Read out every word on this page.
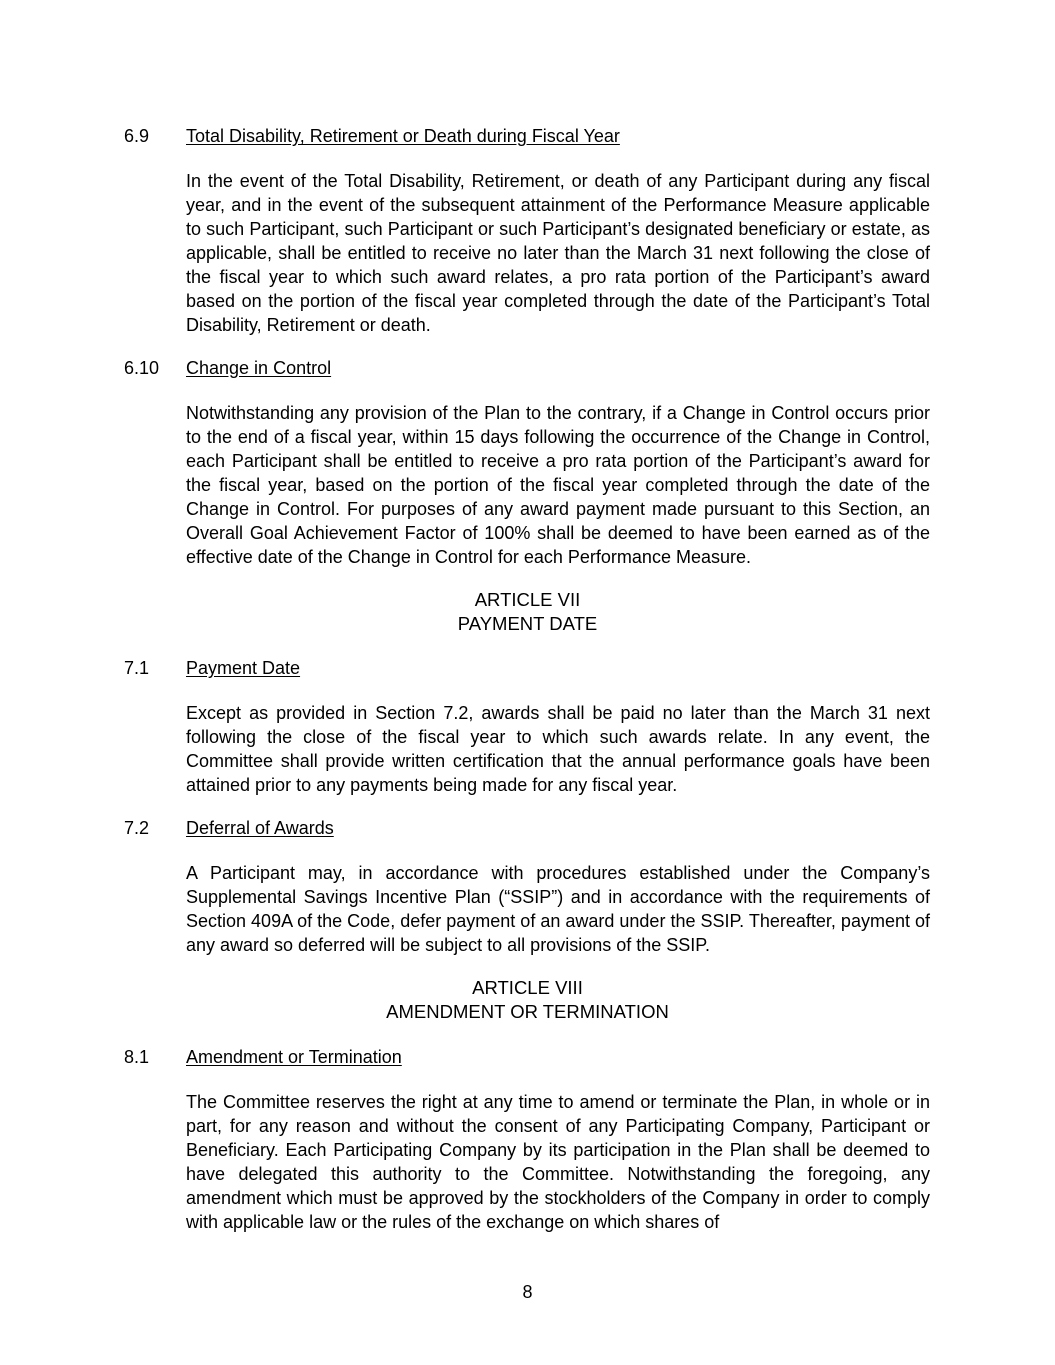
6.9 Total Disability, Retirement or Death during Fiscal Year

In the event of the Total Disability, Retirement, or death of any Participant during any fiscal year, and in the event of the subsequent attainment of the Performance Measure applicable to such Participant, such Participant or such Participant’s designated beneficiary or estate, as applicable, shall be entitled to receive no later than the March 31 next following the close of the fiscal year to which such award relates, a pro rata portion of the Participant’s award based on the portion of the fiscal year completed through the date of the Participant’s Total Disability, Retirement or death.

6.10 Change in Control

Notwithstanding any provision of the Plan to the contrary, if a Change in Control occurs prior to the end of a fiscal year, within 15 days following the occurrence of the Change in Control, each Participant shall be entitled to receive a pro rata portion of the Participant’s award for the fiscal year, based on the portion of the fiscal year completed through the date of the Change in Control. For purposes of any award payment made pursuant to this Section, an Overall Goal Achievement Factor of 100% shall be deemed to have been earned as of the effective date of the Change in Control for each Performance Measure.

ARTICLE VII
PAYMENT DATE
7.1 Payment Date

Except as provided in Section 7.2, awards shall be paid no later than the March 31 next following the close of the fiscal year to which such awards relate. In any event, the Committee shall provide written certification that the annual performance goals have been attained prior to any payments being made for any fiscal year.

7.2 Deferral of Awards

A Participant may, in accordance with procedures established under the Company’s Supplemental Savings Incentive Plan (“SSIP”) and in accordance with the requirements of Section 409A of the Code, defer payment of an award under the SSIP. Thereafter, payment of any award so deferred will be subject to all provisions of the SSIP.

ARTICLE VIII
AMENDMENT OR TERMINATION
8.1 Amendment or Termination

The Committee reserves the right at any time to amend or terminate the Plan, in whole or in part, for any reason and without the consent of any Participating Company, Participant or Beneficiary. Each Participating Company by its participation in the Plan shall be deemed to have delegated this authority to the Committee. Notwithstanding the foregoing, any amendment which must be approved by the stockholders of the Company in order to comply with applicable law or the rules of the exchange on which shares of

8
